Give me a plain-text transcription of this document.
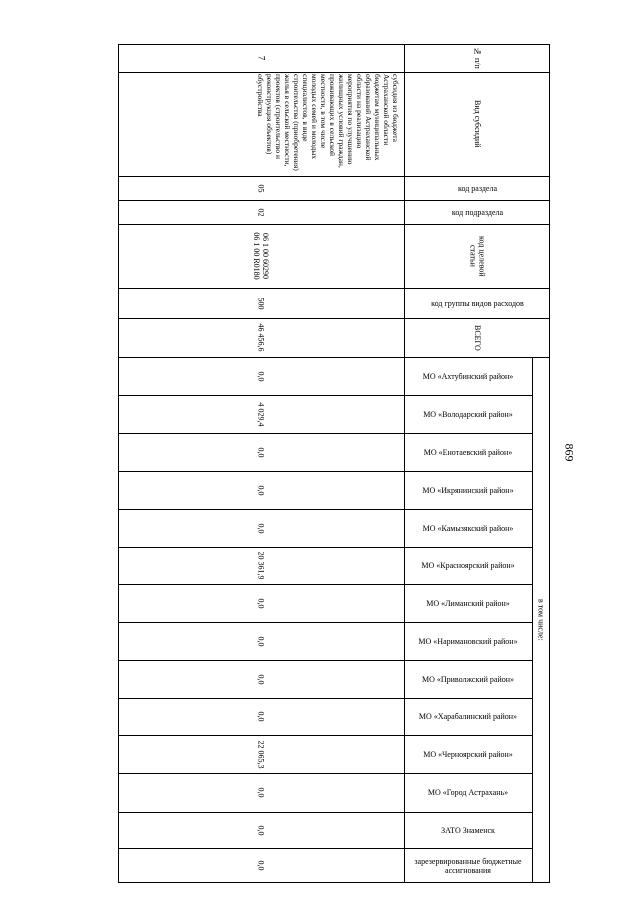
869
№ п/п
Вид субсидий
код раздела
код подраздела
код целевой статьи
код группы видов расходов
ВСЕГО
7
субсидия из бюджета Астраханской области бюджетам муниципальных образований Астраханской области на реализацию мероприятия по улучшению жилищных условий граждан, проживающих в сельской местности, в том числе молодых семей и молодых специалистов, в виде строительства (приобретения) жилья в сельской местности, проектов (строительство и реконструкция объектов) обустройства
05
02
06 1 00 60290 06 1 00 R0180
500
46 456,6
в том числе:
МО «Ахтубинский район»
0,0
МО «Володарский район»
4 029,4
МО «Енотаевский район»
0,0
МО «Икрянинский район»
0,0
МО «Камызякский район»
0,0
МО «Красноярский район»
20 361,9
МО «Лиманский район»
0,0
МО «Наримановский район»
0,0
МО «Приволжский район»
0,0
МО «Харабалинский район»
0,0
МО «Черноярский район»
22 065,3
МО «Город Астрахань»
0,0
ЗАТО Знаменск
0,0
зарезервированные бюджетные ассигнования
0,0
